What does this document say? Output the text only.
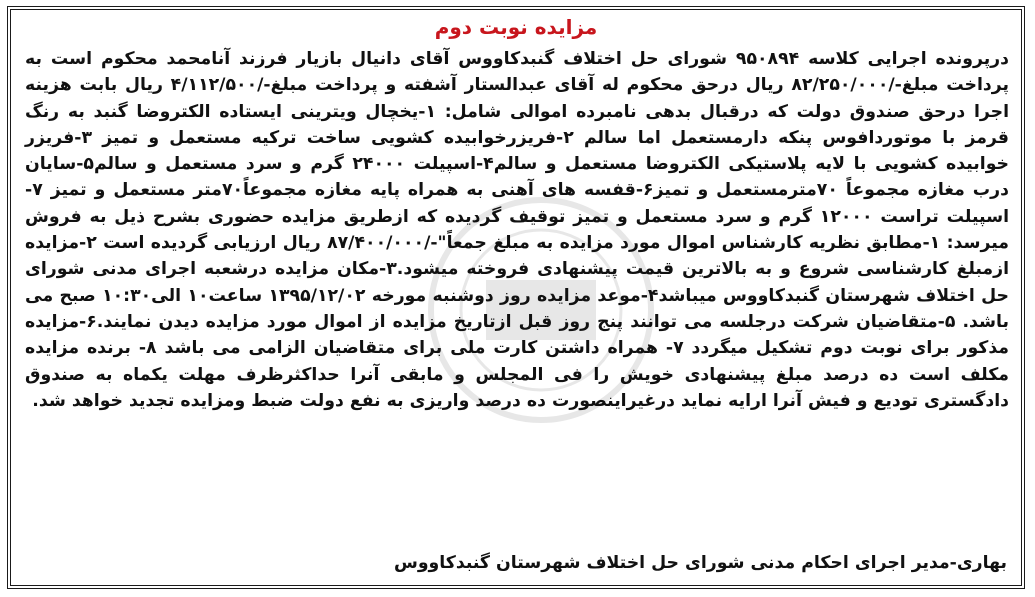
مزایده نوبت دوم
درپرونده اجرایی کلاسه ۹۵۰۸۹۴ شورای حل اختلاف گنبدکاووس آقای دانیال بازیار فرزند آنامحمد محکوم است به پرداخت مبلغ-/۸۲/۲۵۰/۰۰۰ ریال درحق محکوم له آقای عبدالستار آشفته و پرداخت مبلغ-/۴/۱۱۲/۵۰۰ ریال بابت هزینه اجرا درحق صندوق دولت که درقبال بدهی نامبرده اموالی شامل: ۱-یخچال ویترینی ایستاده الکتروضا گنبد به رنگ قرمز با موتوردافوس پنکه دارمستعمل اما سالم ۲-فریزرخوابیده کشویی ساخت ترکیه مستعمل و تمیز ۳-فریزر خوابیده کشویی با لایه پلاستیکی الکتروضا مستعمل و سالم۴-اسپیلت ۲۴۰۰۰ گرم و سرد مستعمل و سالم۵-سایان درب مغازه مجموعاً ۷۰مترمستعمل و تمیز۶-قفسه های آهنی به همراه پایه مغازه مجموعاً۷۰متر مستعمل و تمیز ۷-اسپیلت تراست ۱۲۰۰۰ گرم و سرد مستعمل و تمیز توقیف گردیده که ازطریق مزایده حضوری بشرح ذیل به فروش میرسد: ۱-مطابق نظریه کارشناس اموال مورد مزایده به مبلغ جمعاً"-/۸۷/۴۰۰/۰۰۰ ریال ارزیابی گردیده است ۲-مزایده ازمبلغ کارشناسی شروع و به بالاترین قیمت پیشنهادی فروخته میشود.۳-مکان مزایده درشعبه اجرای مدنی شورای حل اختلاف شهرستان گنبدکاووس میباشد۴-موعد مزایده روز دوشنبه مورخه ۱۳۹۵/۱۲/۰۲ ساعت۱۰ الی۱۰:۳۰ صبح می باشد. ۵-متقاضیان شرکت درجلسه می توانند پنج روز قبل ازتاریخ مزایده از اموال مورد مزایده دیدن نمایند.۶-مزایده مذکور برای نوبت دوم تشکیل میگردد ۷- همراه داشتن کارت ملی برای متقاضیان الزامی می باشد ۸- برنده مزایده مکلف است ده درصد مبلغ پیشنهادی خویش را فی المجلس و مابقی آنرا حداکثرظرف مهلت یکماه به صندوق دادگستری تودیع و فیش آنرا ارایه نماید درغیراینصورت ده درصد واریزی به نفع دولت ضبط ومزایده تجدید خواهد شد.
بهاری-مدیر اجرای احکام مدنی شورای حل اختلاف شهرستان گنبدکاووس
